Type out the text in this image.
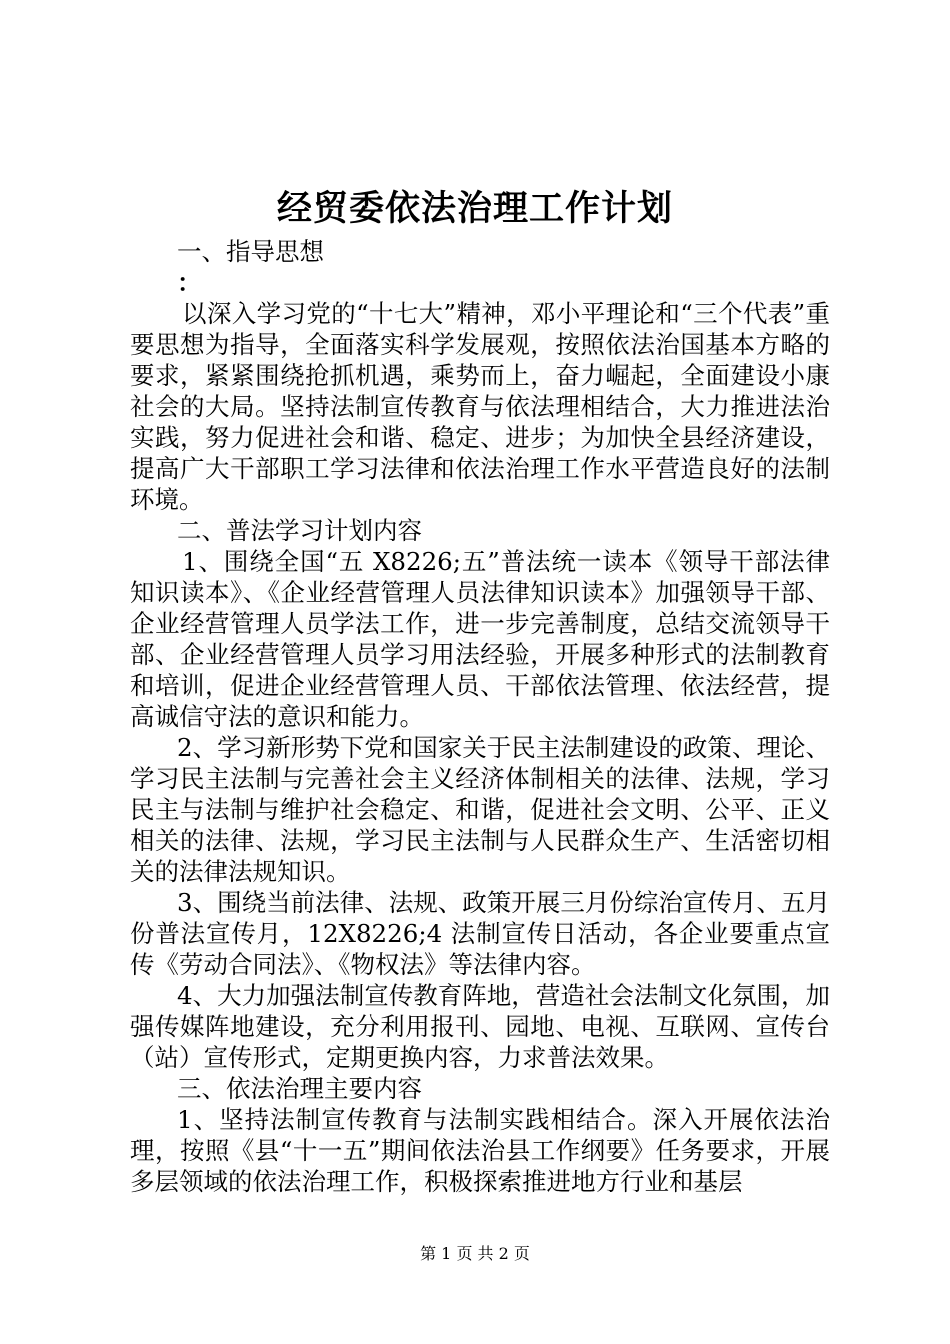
经贸委依法治理工作计划

一、指导思想

：

以深入学习党的“十七大”精神，邓小平理论和“三个代表”重要思想为指导，全面落实科学发展观，按照依法治国基本方略的要求，紧紧围绕抢抓机遇，乘势而上，奋力崛起，全面建设小康社会的大局。坚持法制宣传教育与依法理相结合，大力推进法治实践，努力促进社会和谐、稳定、进步；为加快全县经济建设，提高广大干部职工学习法律和依法治理工作水平营造良好的法制环境。

二、普法学习计划内容

1、围绕全国“五 X8226;五”普法统一读本《领导干部法律知识读本》、《企业经营管理人员法律知识读本》加强领导干部、企业经营管理人员学法工作，进一步完善制度，总结交流领导干部、企业经营管理人员学习用法经验，开展多种形式的法制教育和培训，促进企业经营管理人员、干部依法管理、依法经营，提高诚信守法的意识和能力。

2、学习新形势下党和国家关于民主法制建设的政策、理论、学习民主法制与完善社会主义经济体制相关的法律、法规，学习民主与法制与维护社会稳定、和谐，促进社会文明、公平、正义相关的法律、法规，学习民主法制与人民群众生产、生活密切相关的法律法规知识。

3、围绕当前法律、法规、政策开展三月份综治宣传月、五月份普法宣传月，12X8226;4 法制宣传日活动，各企业要重点宣传《劳动合同法》、《物权法》等法律内容。

4、大力加强法制宣传教育阵地，营造社会法制文化氛围，加强传媒阵地建设，充分利用报刊、园地、电视、互联网、宣传台（站）宣传形式，定期更换内容，力求普法效果。

三、依法治理主要内容

1、坚持法制宣传教育与法制实践相结合。深入开展依法治理，按照《县“十一五”期间依法治县工作纲要》任务要求，开展多层领域的依法治理工作，积极探索推进地方行业和基层

第 1 页 共 2 页
